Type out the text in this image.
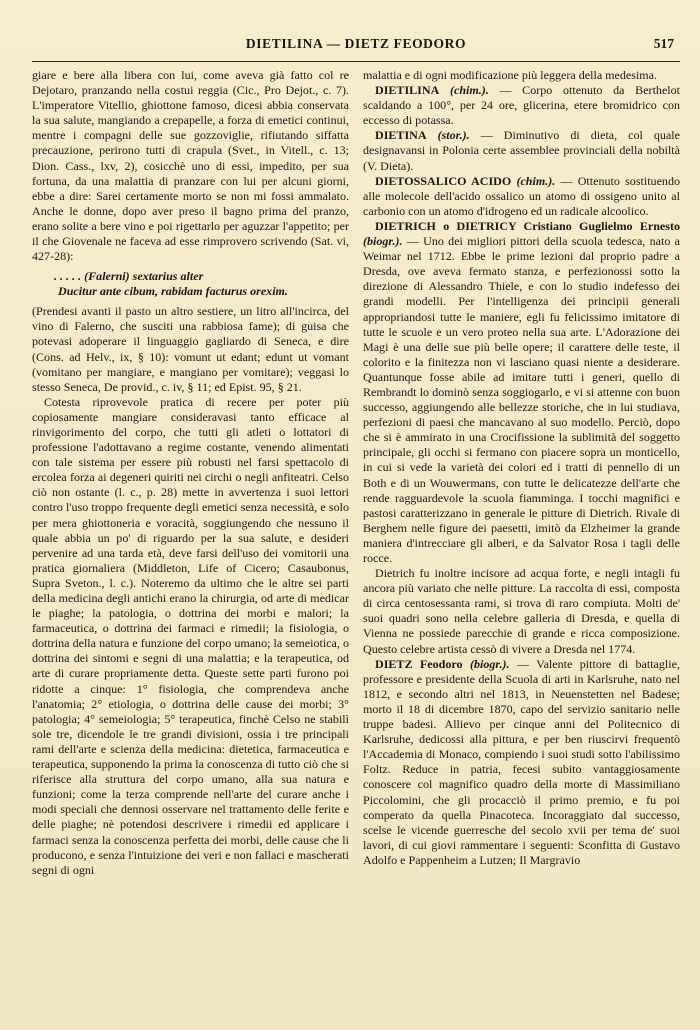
DIETILINA — DIETZ FEODORO	517

giare e bere alla libera con lui, come aveva già fatto col re Dejotaro, pranzando nella costui reggia (Cic., Pro Dejot., c. 7). L'imperatore Vitellio, ghiottone famoso, dicesi abbia conservata la sua salute, mangiando a crepapelle, a forza di emetici continui, mentre i compagni delle sue gozzoviglie, rifiutando siffatta precauzione, perirono tutti di crapula (Svet., in Vitell., c. 13; Dion. Cass., lxv, 2), cosicchè uno di essi, impedito, per sua fortuna, da una malattia di pranzare con lui per alcuni giorni, ebbe a dire: Sarei certamente morto se non mi fossi ammalato. Anche le donne, dopo aver preso il bagno prima del pranzo, erano solite a bere vino e poi rigettarlo per aguzzar l'appetito; per il che Giovenale ne faceva ad esse rimprovero scrivendo (Sat. vi, 427-28):

. . . . . (Falerni) sextarius alter
Ducitur ante cibum, rabidam facturus orexim.

(Prendesi avanti il pasto un altro sestiere, un litro all'incirca, del vino di Falerno, che susciti una rabbiosa fame); di guisa che potevasi adoperare il linguaggio gagliardo di Seneca, e dire (Cons. ad Helv., ix, § 10): vomunt ut edant; edunt ut vomant (vomitano per mangiare, e mangiano per vomitare); veggasi lo stesso Seneca, De provid., c. iv, § 11; ed Epist. 95, § 21.

Cotesta riprovevole pratica di recere per poter più copiosamente mangiare consideravasi tanto efficace al rinvigorimento del corpo, che tutti gli atleti o lottatori di professione l'adottavano a regime costante, venendo alimentati con tale sistema per essere più robusti nel farsi spettacolo di ercolea forza ai degeneri quiriti nei circhi o negli anfiteatri. Celso ciò non ostante (l. c., p. 28) mette in avvertenza i suoi lettori contro l'uso troppo frequente degli emetici senza necessità, e solo per mera ghiottoneria e voracità, soggiungendo che nessuno il quale abbia un po' di riguardo per la sua salute, e desideri pervenire ad una tarda età, deve farsi dell'uso dei vomitorii una pratica giornaliera (Middleton, Life of Cicero; Casaubonus, Supra Sveton., l. c.). Noteremo da ultimo che le altre sei parti della medicina degli antichi erano la chirurgia, od arte di medicar le piaghe; la patologia, o dottrina dei morbi e malori; la farmaceutica, o dottrina dei farmaci e rimedii; la fisiologia, o dottrina della natura e funzione del corpo umano; la semeiotica, o dottrina dei sintomi e segni di una malattia; e la terapeutica, od arte di curare propriamente detta. Queste sette parti furono poi ridotte a cinque: 1° fisiologia, che comprendeva anche l'anatomia; 2° etiologia, o dottrina delle cause dei morbi; 3° patologia; 4° semeiologia; 5° terapeutica, finchè Celso ne stabilì sole tre, dicendole le tre grandi divisioni, ossia i tre principali rami dell'arte e scienza della medicina: dietetica, farmaceutica e terapeutica, supponendo la prima la conoscenza di tutto ciò che si riferisce alla struttura del corpo umano, alla sua natura e funzioni; come la terza comprende nell'arte del curare anche i modi speciali che dennosi osservare nel trattamento delle ferite e delle piaghe; nè potendosi descrivere i rimedii ed applicare i farmaci senza la conoscenza perfetta dei morbi, delle cause che li producono, e senza l'intuizione dei veri e non fallaci e mascherati segni di ogni

malattia e di ogni modificazione più leggera della medesima.

DIETILINA (chim.). — Corpo ottenuto da Berthelot scaldando a 100°, per 24 ore, glicerina, etere bromidrico con eccesso di potassa.

DIETINA (stor.). — Diminutivo di dieta, col quale designavansi in Polonia certe assemblee provinciali della nobiltà (V. Dieta).

DIETOSSALICO ACIDO (chim.). — Ottenuto sostituendo alle molecole dell'acido ossalico un atomo di ossigeno unito al carbonio con un atomo d'idrogeno ed un radicale alcoolico.

DIETRICH o DIETRICY Cristiano Guglielmo Ernesto (biogr.). — Uno dei migliori pittori della scuola tedesca, nato a Weimar nel 1712. Ebbe le prime lezioni dal proprio padre a Dresda, ove aveva fermato stanza, e perfezionossi sotto la direzione di Alessandro Thiele, e con lo studio indefesso dei grandi modelli. Per l'intelligenza dei principii generali appropriandosi tutte le maniere, egli fu felicissimo imitatore di tutte le scuole e un vero proteo nella sua arte. L'Adorazione dei Magi è una delle sue più belle opere; il carattere delle teste, il colorito e la finitezza non vi lasciano quasi niente a desiderare. Quantunque fosse abile ad imitare tutti i generi, quello di Rembrandt lo dominò senza soggiogarlo, e vi si attenne con buon successo, aggiungendo alle bellezze storiche, che in lui studiava, perfezioni di paesi che mancavano al suo modello. Perciò, dopo che si è ammirato in una Crocifissione la sublimità del soggetto principale, gli occhi si fermano con piacere sopra un monticello, in cui si vede la varietà dei colori ed i tratti di pennello di un Both e di un Wouwermans, con tutte le delicatezze dell'arte che rende ragguardevole la scuola fiamminga. I tocchi magnifici e pastosi caratterizzano in generale le pitture di Dietrich. Rivale di Berghem nelle figure dei paesetti, imitò da Elzheimer la grande maniera d'intrecciare gli alberi, e da Salvator Rosa i tagli delle rocce.

Dietrich fu inoltre incisore ad acqua forte, e negli intagli fu ancora più variato che nelle pitture. La raccolta di essi, composta di circa centosessanta rami, si trova di raro compiuta. Molti de' suoi quadri sono nella celebre galleria di Dresda, e quella di Vienna ne possiede parecchie di grande e ricca composizione. Questo celebre artista cessò di vivere a Dresda nel 1774.

DIETZ Feodoro (biogr.). — Valente pittore di battaglie, professore e presidente della Scuola di arti in Karlsruhe, nato nel 1812, e secondo altri nel 1813, in Neuenstetten nel Badese; morto il 18 di dicembre 1870, capo del servizio sanitario nelle truppe badesi. Allievo per cinque anni del Politecnico di Karlsruhe, dedicossi alla pittura, e per ben riuscirvi frequentò l'Accademia di Monaco, compiendo i suoi studi sotto l'abilissimo Foltz. Reduce in patria, fecesi subito vantaggiosamente conoscere col magnifico quadro della morte di Massimiliano Piccolomini, che gli procacciò il primo premio, e fu poi comperato da quella Pinacoteca. Incoraggiato dal successo, scelse le vicende guerresche del secolo xvii per tema de' suoi lavori, di cui giovi rammentare i seguenti: Sconfitta di Gustavo Adolfo e Pappenheim a Lutzen; Il Margravio
